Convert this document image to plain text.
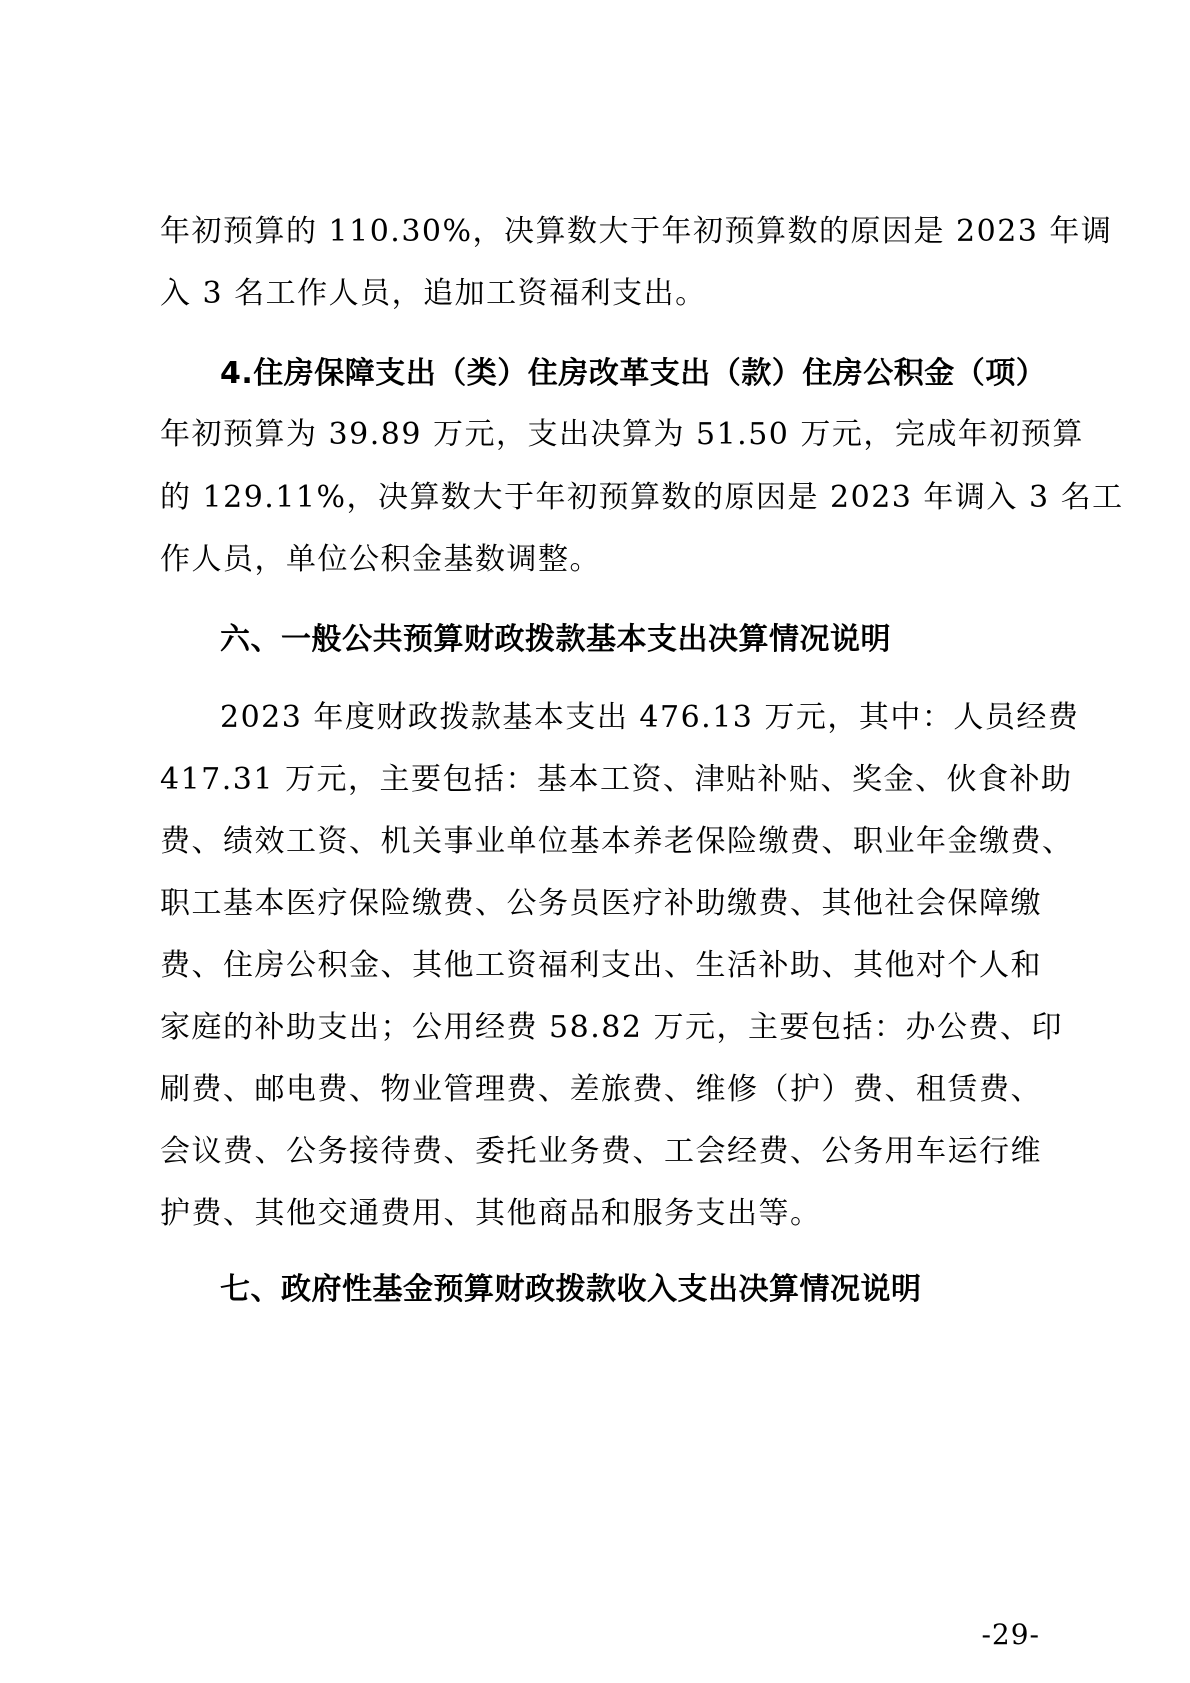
年初预算的 110.30%，决算数大于年初预算数的原因是 2023 年调
入 3 名工作人员，追加工资福利支出。
4.住房保障支出（类）住房改革支出（款）住房公积金（项）
年初预算为 39.89 万元，支出决算为 51.50 万元，完成年初预算
的 129.11%，决算数大于年初预算数的原因是 2023 年调入 3 名工
作人员，单位公积金基数调整。
六、一般公共预算财政拨款基本支出决算情况说明
2023 年度财政拨款基本支出 476.13 万元，其中：人员经费
417.31 万元，主要包括：基本工资、津贴补贴、奖金、伙食补助
费、绩效工资、机关事业单位基本养老保险缴费、职业年金缴费、
职工基本医疗保险缴费、公务员医疗补助缴费、其他社会保障缴
费、住房公积金、其他工资福利支出、生活补助、其他对个人和
家庭的补助支出；公用经费 58.82 万元，主要包括：办公费、印
刷费、邮电费、物业管理费、差旅费、维修（护）费、租赁费、
会议费、公务接待费、委托业务费、工会经费、公务用车运行维
护费、其他交通费用、其他商品和服务支出等。
七、政府性基金预算财政拨款收入支出决算情况说明
-29-
